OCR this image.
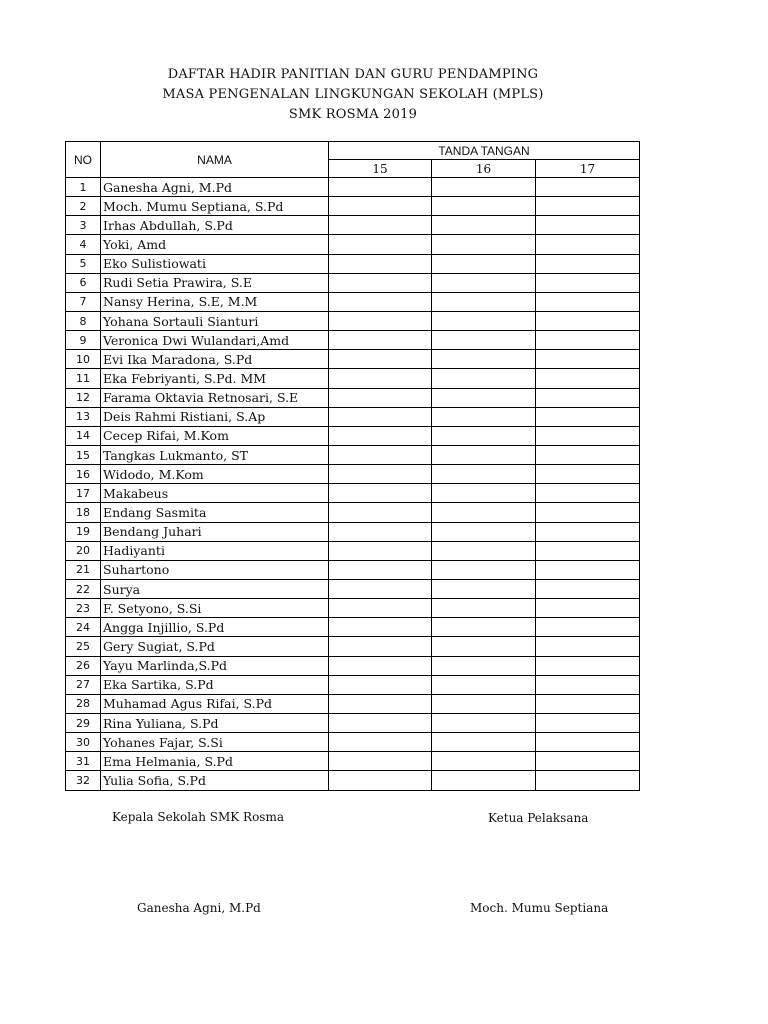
DAFTAR HADIR PANITIAN DAN GURU PENDAMPING
MASA PENGENALAN LINGKUNGAN SEKOLAH (MPLS)
SMK ROSMA 2019
NO	NAMA	TANDA TANGAN		
		15	16	17
1	Ganesha Agni, M.Pd			
2	Moch. Mumu Septiana, S.Pd			
3	Irhas Abdullah, S.Pd			
4	Yoki, Amd			
5	Eko Sulistiowati			
6	Rudi Setia Prawira, S.E			
7	Nansy Herina, S.E, M.M			
8	Yohana Sortauli Sianturi			
9	Veronica Dwi Wulandari,Amd			
10	Evi Ika Maradona, S.Pd			
11	Eka Febriyanti, S.Pd. MM			
12	Farama Oktavia Retnosari, S.E			
13	Deis Rahmi Ristiani, S.Ap			
14	Cecep Rifai, M.Kom			
15	Tangkas Lukmanto, ST			
16	Widodo, M.Kom			
17	Makabeus			
18	Endang Sasmita			
19	Bendang Juhari			
20	Hadiyanti			
21	Suhartono			
22	Surya			
23	F. Setyono, S.Si			
24	Angga Injillio, S.Pd			
25	Gery Sugiat, S.Pd			
26	Yayu Marlinda,S.Pd			
27	Eka Sartika, S.Pd			
28	Muhamad Agus Rifai, S.Pd			
29	Rina Yuliana, S.Pd			
30	Yohanes Fajar, S.Si			
31	Ema Helmania, S.Pd			
32	Yulia Sofia, S.Pd			
Kepala Sekolah SMK Rosma	Ketua Pelaksana
Ganesha Agni, M.Pd	Moch. Mumu Septiana
